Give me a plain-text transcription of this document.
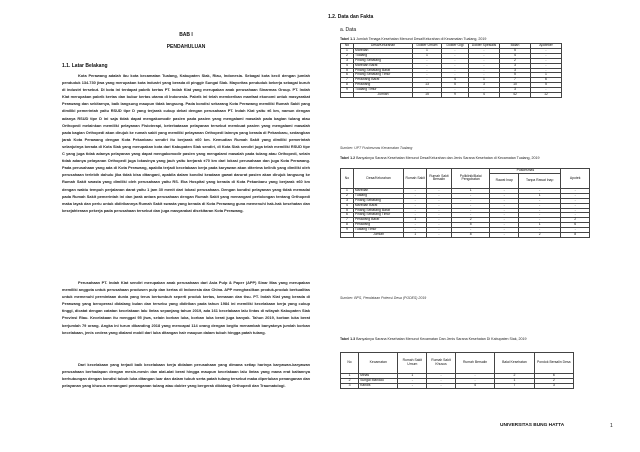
BAB I
PENDAHULUAN
1.1. Latar Belakang
Kota Perawang adalah ibu kota kecamatan Tualang, Kabupaten Siak, Riau, Indonesia. Sebagai kota kecil dengan jumlah penduduk 134.730 jiwa yang merupakan kota industri yang berada di pinggir Sungai Siak. Mayoritas penduduk bekerja sebagai buruh di industri tersebut. Di kota ini terdapat pabrik kertas PT. Indah Kiat yang merupakan anak perusahaan Sinarmas Group. PT. Indah Kiat merupakan pabrik kertas dan bubur kertas utama di Indonesia. Pabrik ini telah memberikan manfaat ekonomi untuk masyarakat Perawang dan sekitarnya, baik langsung maupun tidak langsung. Pada kondisi sekarang Kota Perawang memiliki Rumah Sakit yang dimiliki pemerintah yaitu RSUD tipe D yang terjarak cukup dekat dengan perusahaan PT. Indah Kiat yaitu ±6 km, namun dengan adanya RSUD tipe D ini saja tidak dapat mengakomodir pasien pada pasien yang mengalami masalah pada bagian tulang atau Orthopedi melainkan memiliki pelayanan Fisioterapi, keterbatasan pelayanan tersebut membuat pasien yang mengalami masalah pada bagian Orthopedi akan dirujuk ke rumah sakit yang memiliki pelayanan Orthopedi lainnya yang berada di Pekanbaru, sedangkan jarak Kota Perawang dengan Kota Pekanbaru sendiri itu berjarak ±60 km. Kemudian Rumah Sakit yang dimiliki pemerintah selanjutnya berada di Kota Siak yang merupakan kota dari Kabupaten Siak sendiri, di Kota Siak sendiri juga telah memiliki RSUD tipe C yang juga tidak adanya pelayanan yang dapat mengakomodir pasien yang mengalami masalah pada tulang atau Orthopedi, selain tidak adanya pelayanan Orthopedi juga lokasinya yang jauh yaitu berjarak ±70 km dari lokasi perusahaan dan juga Kota Perawang. Pada perusahaan yang ada di Kota Perawang, apabila terjadi kecelakaan kerja pada karyawan akan diterima kelinik yang dimiliki oleh perusahaan terlebih dahulu jika tidak bisa ditangani, apabila dalam kondisi keadaan gawat darurat pasien akan dirujuk langsung ke Rumah Sakit swasta yang dimiliki oleh perusahaan yaitu RS. Eka Hospital yang berada di Kota Pekanbaru yang berjarak ±60 km dengan waktu tempuh perjalanan darat yaitu 1 jam 30 menit dari lokasi perusahaan. Dengan kondisi pelayanan yang tidak memadai pada Rumah Sakit pemerintah ini dan jarak antara perusahaan dengan Rumah Sakit yang menangani pertolongan tentang Orthopedi maka layak dan perlu untuk didirikannya Rumah Sakit swasta yang berada di Kota Perawang guna memenuhi hak-hak kesehatan dan kesejahteraan pekerja pada perusahaan tersebut dan juga masyarakat disekitaran Kota Perawang.
Perusahaan PT. Indah Kiat sendiri merupakan anak perusahaan dari Asia Pulp & Paper (APP) Sinar Mas yang merupakan memiliki anggota untuk perusahaan produsen pulp dan kertas di Indonesia dan China. APP menghasilkan produk-produk berkualitas untuk memenuhi permintaan dunia yang terus bertumbuh seperti produk kertas, kemasan dan tisu. PT. Indah Kiat yang berada di Perawang yang beroperasi didalang bulan dan tersebu yang didirikan pada tahun 1984 ini memiliki kecelakaan kerja yang cukup tinggi, dicatat dengan catatan kecelakaan lalu lintas sepanjang tahun 2019, ada 161 kecelakaan lalu lintas di wilayah Kabupaten Siak Provinsi Riau. Kecelakaan itu menggat 95 jiwa, selain korban luka, korban luka berat juga banyak. Tahun 2019, korban luka berat berjumlah 79 orang. Angka ini turun dibanding 2018 yang mencapai 114 orang dengan begitu menambah banyaknya jumlah korban kecelakaan, jenis cedera yang dialami mobil dari luka ditangan hair maupun dalam tubuh hingga patah tulang.
Dari kecelakaan yang terjadi baik kecelakaan kerja didalam perusahaan yang dimana setiap harinya karyawan-karyawan perusahaan berhadapan dengan mesin-mesin dan alat-alat berat hingga maupun kecelakaan lalu lintas yang mana erat kaitannya berhubungan dengan kondisi tubuh luka ditangan luar dan dalam tubuh serta patah tulang tersebut maka diperlukan penanganan dan pelayanan yang khusus menangani penanganan tulang atau dokter yang bergerak dibidang Orthopedi dan Traumatologi.
1.2. Data dan Fakta
a. Data
Tabel 1.1 Jumlah Tenaga Kesehatan Menurut Desa/Kelurahan di Kecamatan Tualang, 2019
No	Desa/Kelurahan	Dokter Umum	Dokter Gigi	Dokter Spesialis	Bidan	Apoteker
1	Maredan	1	-	-	5	-
2	Tualang	1	-	-	4	-
3	Pinang Sebatang	-	-	-	2	-
4	Maredan Barat	-	-	-	3	-
5	Pinang Sebatang Barat	-	-	-	3	-
6	Pinang Sebatang Timur	-	-	-	5	1
7	Perawang Barat	-	4	1	7	6
8	Perawang	13	5	3	10	5
9	Tualang Timur	-	-	-	3	-
	Jumlah	15	9	4	42	12
Sumber: UPT Puskesmas Kecamatan Tualang
Tabel 1.2 Banyaknya Sarana Kesehatan Menurut Desa/Kelurahan dan Jenis Sarana Kesehatan di Kecamatan Tualang, 2019
No	Desa/Kelurahan	Rumah Sakit	Rumah Sakit Bersalin	Poliklinik/Balai Pengobatan	Puskesmas		Apotek
					Rawat Inap	Tanpa Rawat Inap	
1	Maredan	-	-	1	-	-	-
2	Tualang	-	-	-	-	1	-
3	Pinang Sebatang	-	-	-	-	-	-
4	Maredan Barat	-	-	-	-	-	-
5	Pinang Sebatang Barat	-	-	-	-	-	-
6	Pinang Sebatang Timur	-	-	-	-	-	-
7	Perawang Barat	1	-	2	-	-	2
8	Perawang	-	-	5	-	1	6
9	Tualang Timur	-	-	-	-	-	-
	Jumlah	1	-	8	-	2	8
Sumber: BPS, Pendataan Potensi Desa (PODES) 2019
Tabel 1.3 Banyaknya Sarana Kesehatan Menurut Kecamatan Dan Jenis Sarana Kesehatan Di Kabupaten Siak, 2019
No	Kecamatan	Rumah Sakit Umum	Rumah Sakit Khusus	Rumah Bersalin	Balai Kesehatan	Pondok Bersalin Desa
1	Minas	1	-	-	2	6
2	Sungai Mandau	-	-	-	1	2
3	Kandis	-	-	4	7	3
UNIVERSITAS BUNG HATTA	1
